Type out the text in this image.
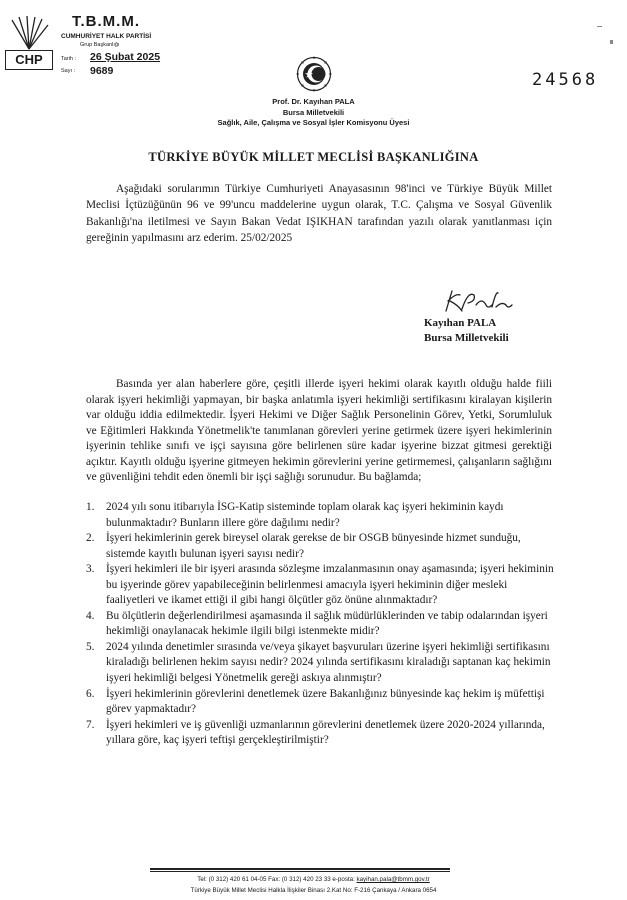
T.B.M.M.
CUMHURİYET HALK PARTİSİ
Grup Başkanlığı
CHP	Tarih : 26 Şubat 2025
Sayı : 9689	24568
Prof. Dr. Kayıhan PALA
Bursa Milletvekili
Sağlık, Aile, Çalışma ve Sosyal İşler Komisyonu Üyesi
TÜRKİYE BÜYÜK MİLLET MECLİSİ BAŞKANLIĞINA
Aşağıdaki sorularımın Türkiye Cumhuriyeti Anayasasının 98'inci ve Türkiye Büyük Millet Meclisi İçtüzüğünün 96 ve 99'uncu maddelerine uygun olarak, T.C. Çalışma ve Sosyal Güvenlik Bakanlığı'na iletilmesi ve Sayın Bakan Vedat IŞIKHAN tarafından yazılı olarak yanıtlanması için gereğinin yapılmasını arz ederim. 25/02/2025
Kayıhan PALA
Bursa Milletvekili
Basında yer alan haberlere göre, çeşitli illerde işyeri hekimi olarak kayıtlı olduğu halde fiili olarak işyeri hekimliği yapmayan, bir başka anlatımla işyeri hekimliği sertifikasını kiralayan kişilerin var olduğu iddia edilmektedir. İşyeri Hekimi ve Diğer Sağlık Personelinin Görev, Yetki, Sorumluluk ve Eğitimleri Hakkında Yönetmelik'te tanımlanan görevleri yerine getirmek üzere işyeri hekimlerinin işyerinin tehlike sınıfı ve işçi sayısına göre belirlenen süre kadar işyerine bizzat gitmesi gerektiği açıktır. Kayıtlı olduğu işyerine gitmeyen hekimin görevlerini yerine getirmemesi, çalışanların sağlığını ve güvenliğini tehdit eden önemli bir işçi sağlığı sorunudur. Bu bağlamda;
1. 2024 yılı sonu itibarıyla İSG-Katip sisteminde toplam olarak kaç işyeri hekiminin kaydı bulunmaktadır? Bunların illere göre dağılımı nedir?
2. İşyeri hekimlerinin gerek bireysel olarak gerekse de bir OSGB bünyesinde hizmet sunduğu, sistemde kayıtlı bulunan işyeri sayısı nedir?
3. İşyeri hekimleri ile bir işyeri arasında sözleşme imzalanmasının onay aşamasında; işyeri hekiminin bu işyerinde görev yapabileceğinin belirlenmesi amacıyla işyeri hekiminin diğer mesleki faaliyetleri ve ikamet ettiği il gibi hangi ölçütler göz önüne alınmaktadır?
4. Bu ölçütlerin değerlendirilmesi aşamasında il sağlık müdürlüklerinden ve tabip odalarından işyeri hekimliği onaylanacak hekimle ilgili bilgi istenmekte midir?
5. 2024 yılında denetimler sırasında ve/veya şikayet başvuruları üzerine işyeri hekimliği sertifikasını kiraladığı belirlenen hekim sayısı nedir? 2024 yılında sertifikasını kiraladığı saptanan kaç hekimin işyeri hekimliği belgesi Yönetmelik gereği askıya alınmıştır?
6. İşyeri hekimlerinin görevlerini denetlemek üzere Bakanlığınız bünyesinde kaç hekim iş müfettişi görev yapmaktadır?
7. İşyeri hekimleri ve iş güvenliği uzmanlarının görevlerini denetlemek üzere 2020-2024 yıllarında, yıllara göre, kaç işyeri teftişi gerçekleştirilmiştir?
Tel: (0 312) 420 61 04-05 Fax: (0 312) 420 23 33 e-posta: kayihan.pala@tbmm.gov.tr
Türkiye Büyük Millet Meclisi Halkla İlişkiler Binası 2.Kat No: F-216 Çankaya / Ankara 0654
